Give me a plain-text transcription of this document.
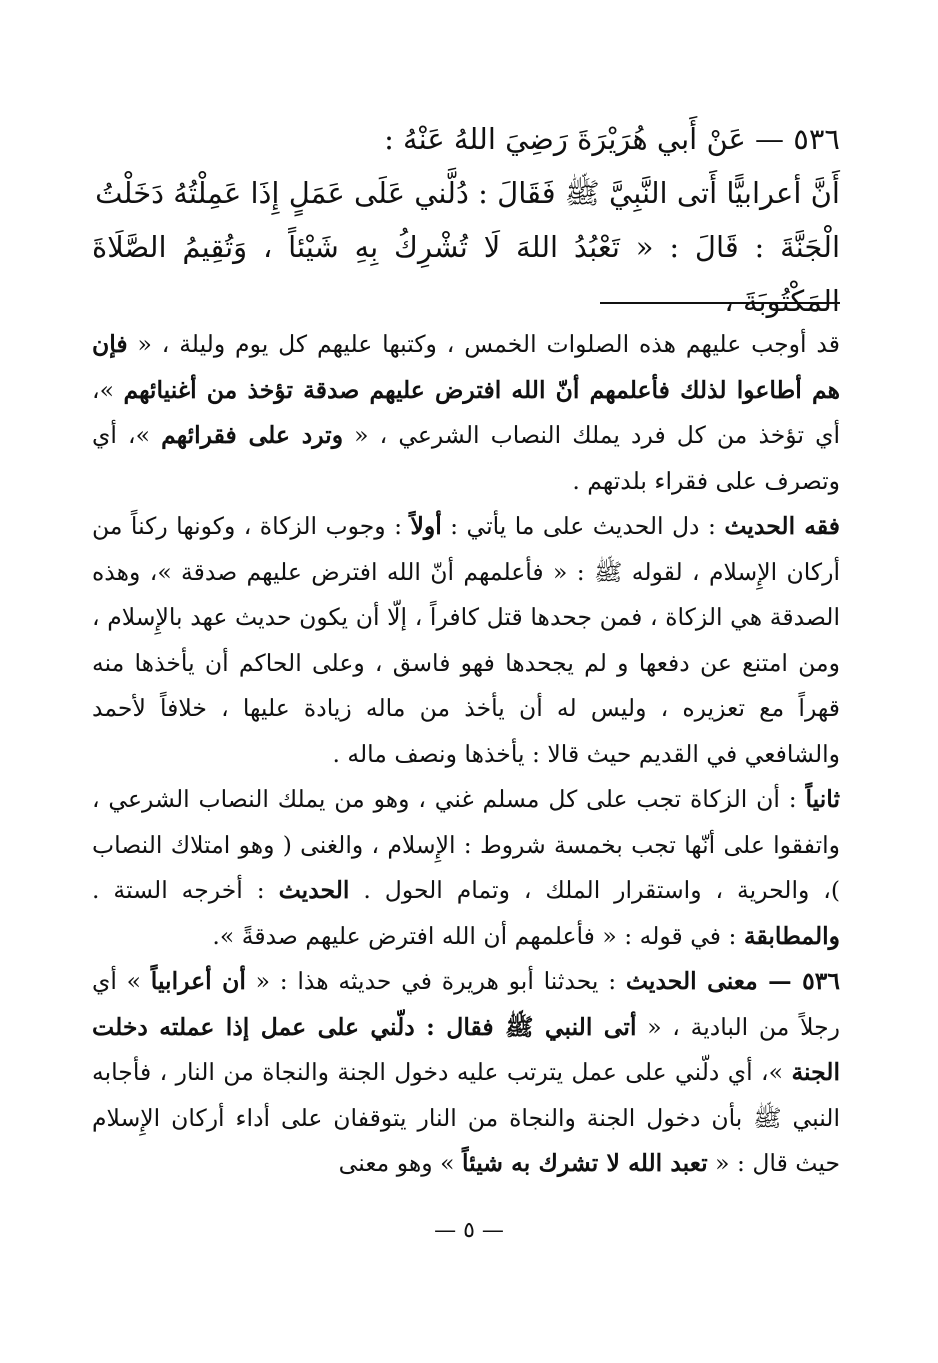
٥٣٦ — عَنْ أَبي هُرَيْرَةَ رَضِيَ اللهُ عَنْهُ :

أَنَّ أعرابيًّا أَتى النَّبِيَّ ﷺ فَقَالَ : دُلَّني عَلَى عَمَلٍ إِذَا عَمِلْتُهُ دَخَلْتُ

الْجَنَّةَ : قَالَ : « تَعْبُدُ اللهَ لَا تُشْرِكُ بِهِ شَيْئاً ، وَتُقِيمُ الصَّلَاةَ المَكْتُوبَةَ ،

قد أوجب عليهم هذه الصلوات الخمس ، وكتبها عليهم كل يوم وليلة ، « فإن هم أطاعوا لذلك فأعلمهم أنّ الله افترض عليهم صدقة تؤخذ من أغنيائهم »، أي تؤخذ من كل فرد يملك النصاب الشرعي ، « وترد على فقرائهم »، أي وتصرف على فقراء بلدتهم .

فقه الحديث : دل الحديث على ما يأتي : أولاً : وجوب الزكاة ، وكونها ركناً من أركان الإِسلام ، لقوله ﷺ : « فأعلمهم أنّ الله افترض عليهم صدقة »، وهذه الصدقة هي الزكاة ، فمن جحدها قتل كافراً ، إلّا أن يكون حديث عهد بالإِسلام ، ومن امتنع عن دفعها و لم يجحدها فهو فاسق ، وعلى الحاكم أن يأخذها منه قهراً مع تعزيره ، وليس له أن يأخذ من ماله زيادة عليها ، خلافاً لأحمد والشافعي في القديم حيث قالا : يأخذها ونصف ماله .

ثانياً : أن الزكاة تجب على كل مسلم غني ، وهو من يملك النصاب الشرعي ، واتفقوا على أنّها تجب بخمسة شروط : الإِسلام ، والغنى ( وهو امتلاك النصاب )، والحرية ، واستقرار الملك ، وتمام الحول . الحديث : أخرجه الستة . والمطابقة : في قوله : « فأعلمهم أن الله افترض عليهم صدقةً ».

٥٣٦ — معنى الحديث : يحدثنا أبو هريرة في حديثه هذا : « أن أعرابياً » أي رجلاً من البادية ، « أتى النبي ﷺ فقال : دلّني على عمل إذا عملته دخلت الجنة »، أي دلّني على عمل يترتب عليه دخول الجنة والنجاة من النار ، فأجابه النبي ﷺ بأن دخول الجنة والنجاة من النار يتوقفان على أداء أركان الإِسلام حيث قال : « تعبد الله لا تشرك به شيئاً » وهو معنى

— ٥ —
